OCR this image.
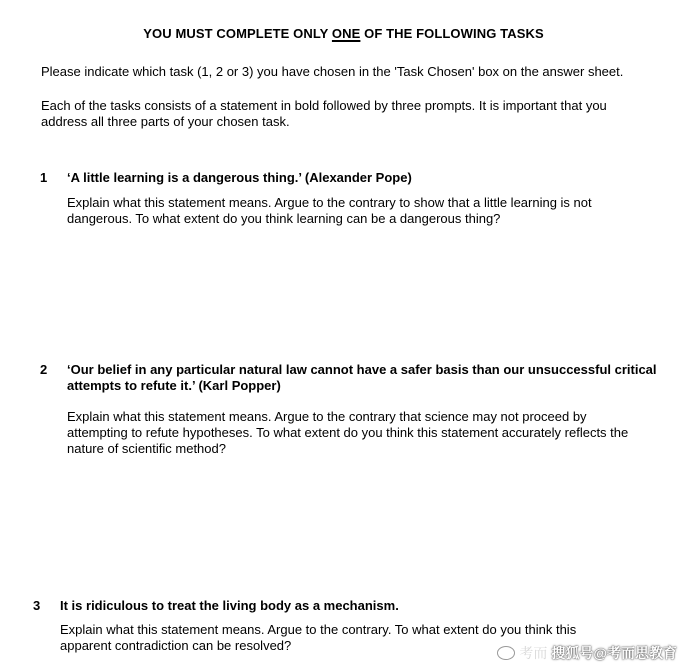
YOU MUST COMPLETE ONLY ONE OF THE FOLLOWING TASKS
Please indicate which task (1, 2 or 3) you have chosen in the 'Task Chosen' box on the answer sheet.
Each of the tasks consists of a statement in bold followed by three prompts. It is important that you address all three parts of your chosen task.
1 ‘A little learning is a dangerous thing.’ (Alexander Pope)
Explain what this statement means. Argue to the contrary to show that a little learning is not dangerous. To what extent do you think learning can be a dangerous thing?
2 ‘Our belief in any particular natural law cannot have a safer basis than our unsuccessful critical attempts to refute it.’ (Karl Popper)
Explain what this statement means. Argue to the contrary that science may not proceed by attempting to refute hypotheses. To what extent do you think this statement accurately reflects the nature of scientific method?
3 It is ridiculous to treat the living body as a mechanism.
Explain what this statement means. Argue to the contrary. To what extent do you think this apparent contradiction can be resolved?	考而 搜狐号@考而思教育
